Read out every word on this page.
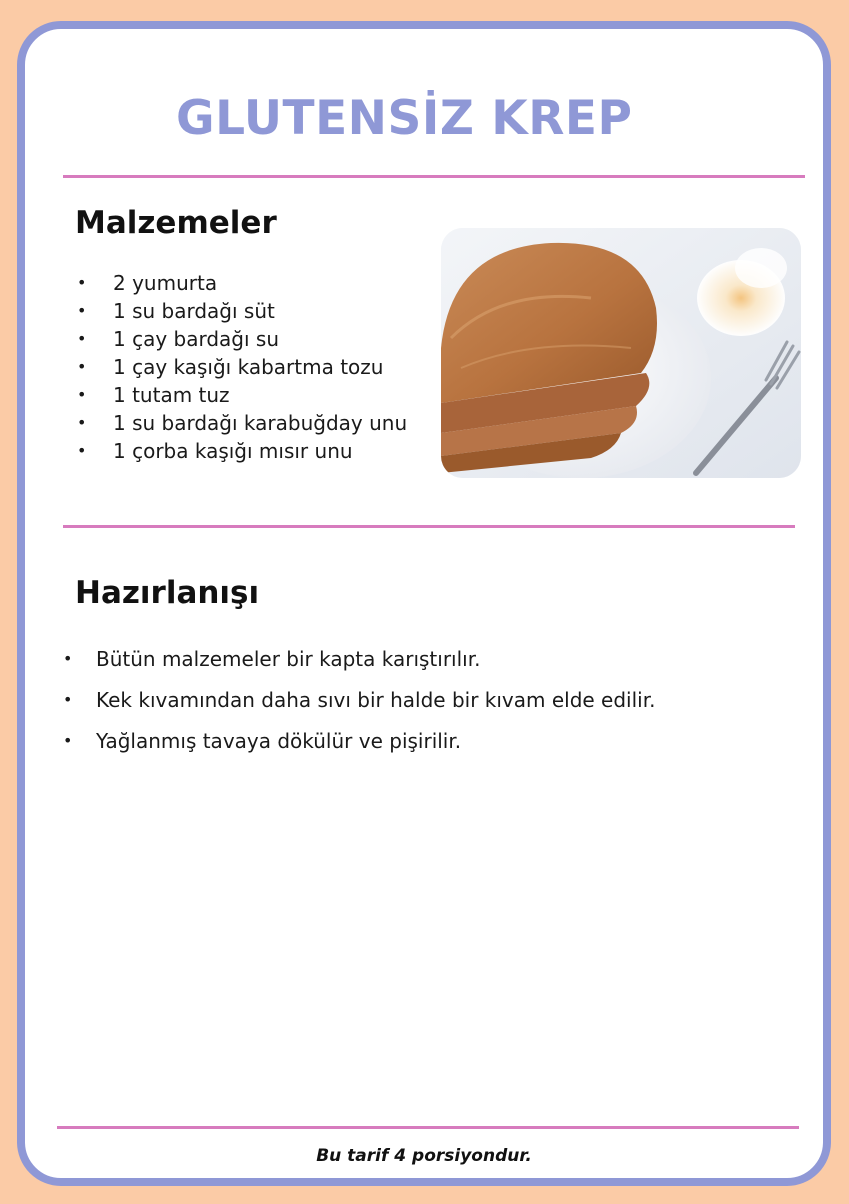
GLUTENSİZ KREP
Malzemeler
• 2 yumurta
• 1 su bardağı süt
• 1 çay bardağı su
• 1 çay kaşığı kabartma tozu
• 1 tutam tuz
• 1 su bardağı karabuğday unu
• 1 çorba kaşığı mısır unu
Hazırlanışı
• Bütün malzemeler bir kapta karıştırılır.
• Kek kıvamından daha sıvı bir halde bir kıvam elde edilir.
• Yağlanmış tavaya dökülür ve pişirilir.
Bu tarif 4 porsiyondur.
